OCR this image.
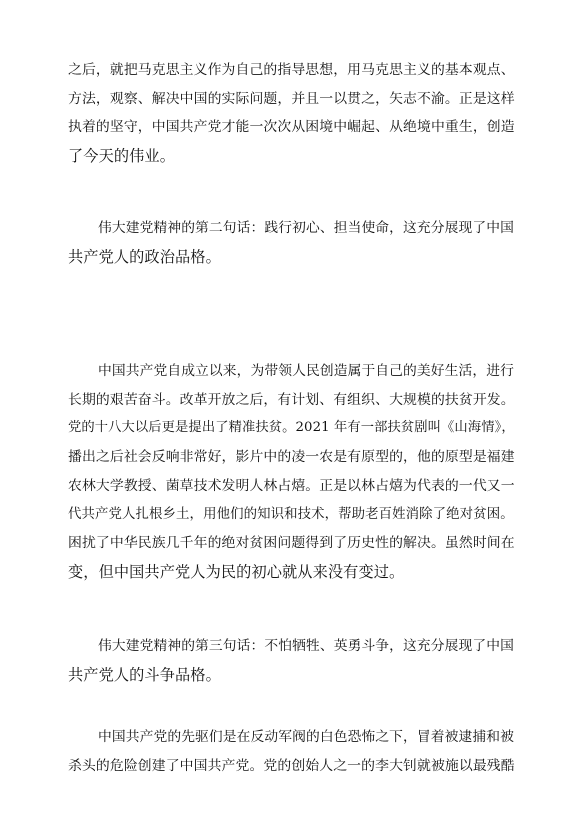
之后，就把马克思主义作为自己的指导思想，用马克思主义的基本观点、
方法，观察、解决中国的实际问题，并且一以贯之，矢志不渝。正是这样
执着的坚守，中国共产党才能一次次从困境中崛起、从绝境中重生，创造
了今天的伟业。
伟大建党精神的第二句话：践行初心、担当使命，这充分展现了中国
共产党人的政治品格。
中国共产党自成立以来，为带领人民创造属于自己的美好生活，进行
长期的艰苦奋斗。改革开放之后，有计划、有组织、大规模的扶贫开发。
党的十八大以后更是提出了精准扶贫。2021 年有一部扶贫剧叫《山海情》，
播出之后社会反响非常好，影片中的凌一农是有原型的，他的原型是福建
农林大学教授、菌草技术发明人林占熺。正是以林占熺为代表的一代又一
代共产党人扎根乡土，用他们的知识和技术，帮助老百姓消除了绝对贫困。
困扰了中华民族几千年的绝对贫困问题得到了历史性的解决。虽然时间在
变，但中国共产党人为民的初心就从来没有变过。
伟大建党精神的第三句话：不怕牺牲、英勇斗争，这充分展现了中国
共产党人的斗争品格。
中国共产党的先驱们是在反动军阀的白色恐怖之下，冒着被逮捕和被
杀头的危险创建了中国共产党。党的创始人之一的李大钊就被施以最残酷
